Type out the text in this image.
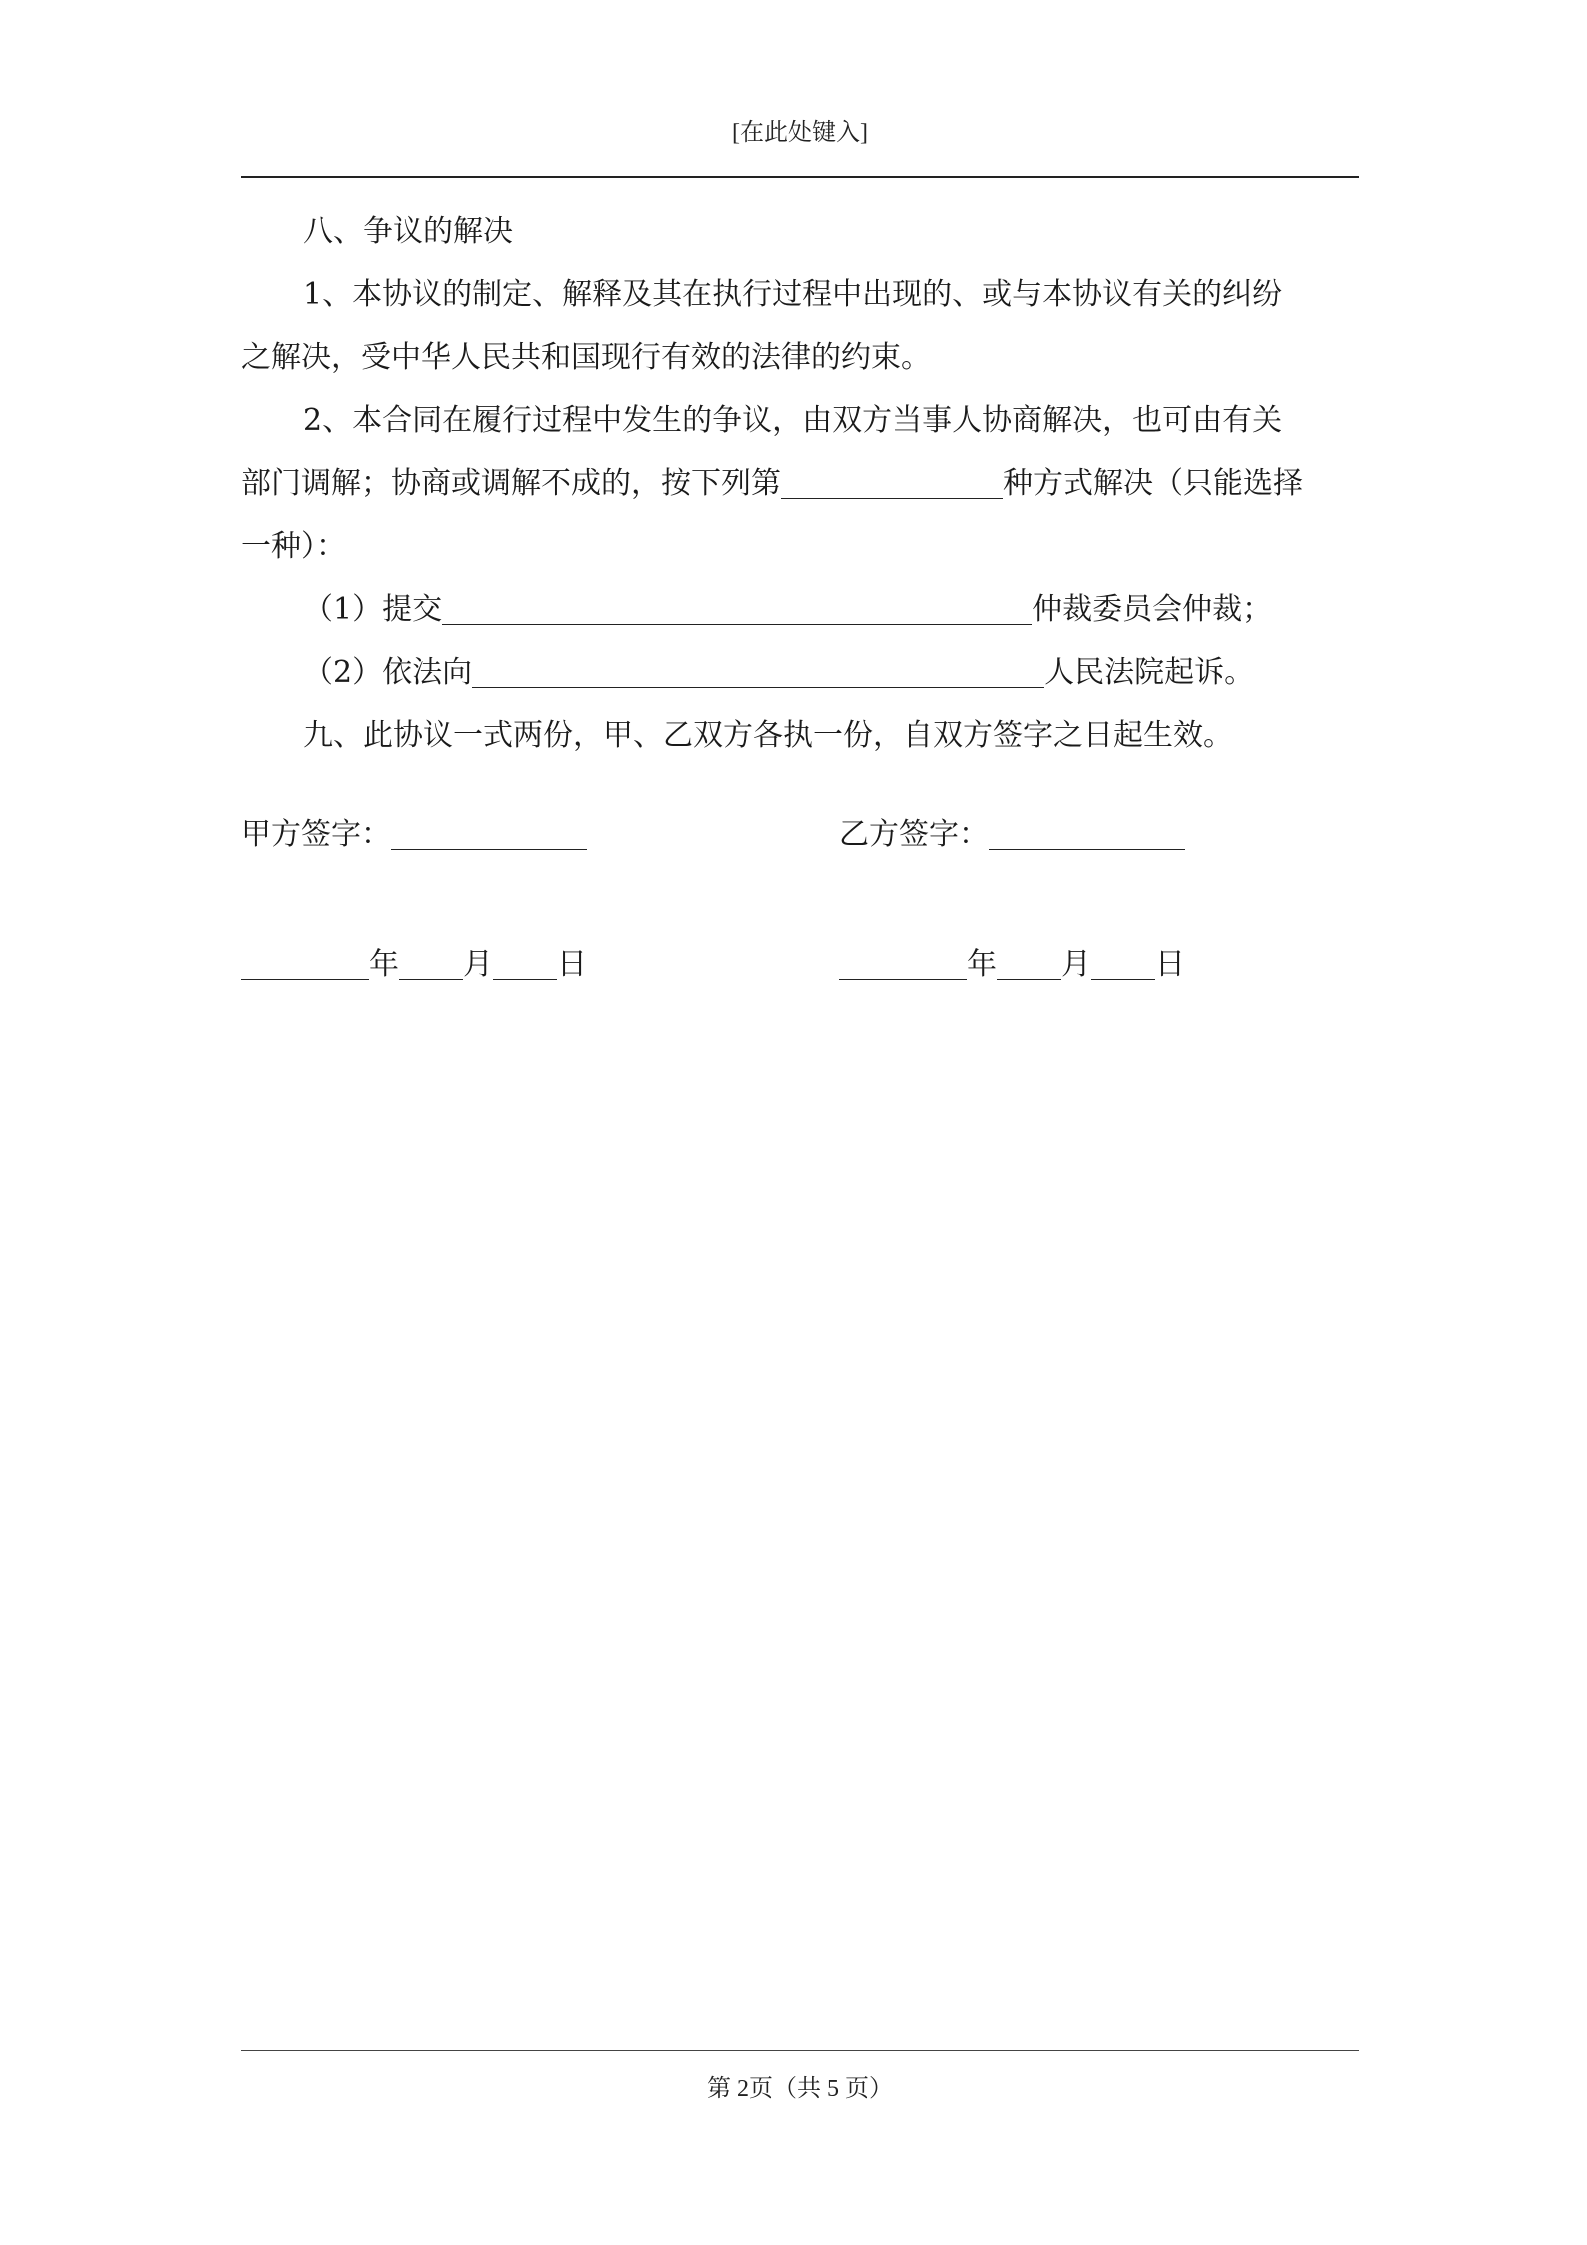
[在此处键入]

八、争议的解决

1、本协议的制定、解释及其在执行过程中出现的、或与本协议有关的纠纷

之解决，受中华人民共和国现行有效的法律的约束。

2、本合同在履行过程中发生的争议，由双方当事人协商解决，也可由有关

部门调解；协商或调解不成的，按下列第	种方式解决（只能选择

一种）：

（1）提交	仲裁委员会仲裁；

（2）依法向	人民法院起诉。

九、此协议一式两份，甲、乙双方各执一份，自双方签字之日起生效。

甲方签字：	乙方签字：
年 月 日	年 月 日
第 2页（共 5 页）
